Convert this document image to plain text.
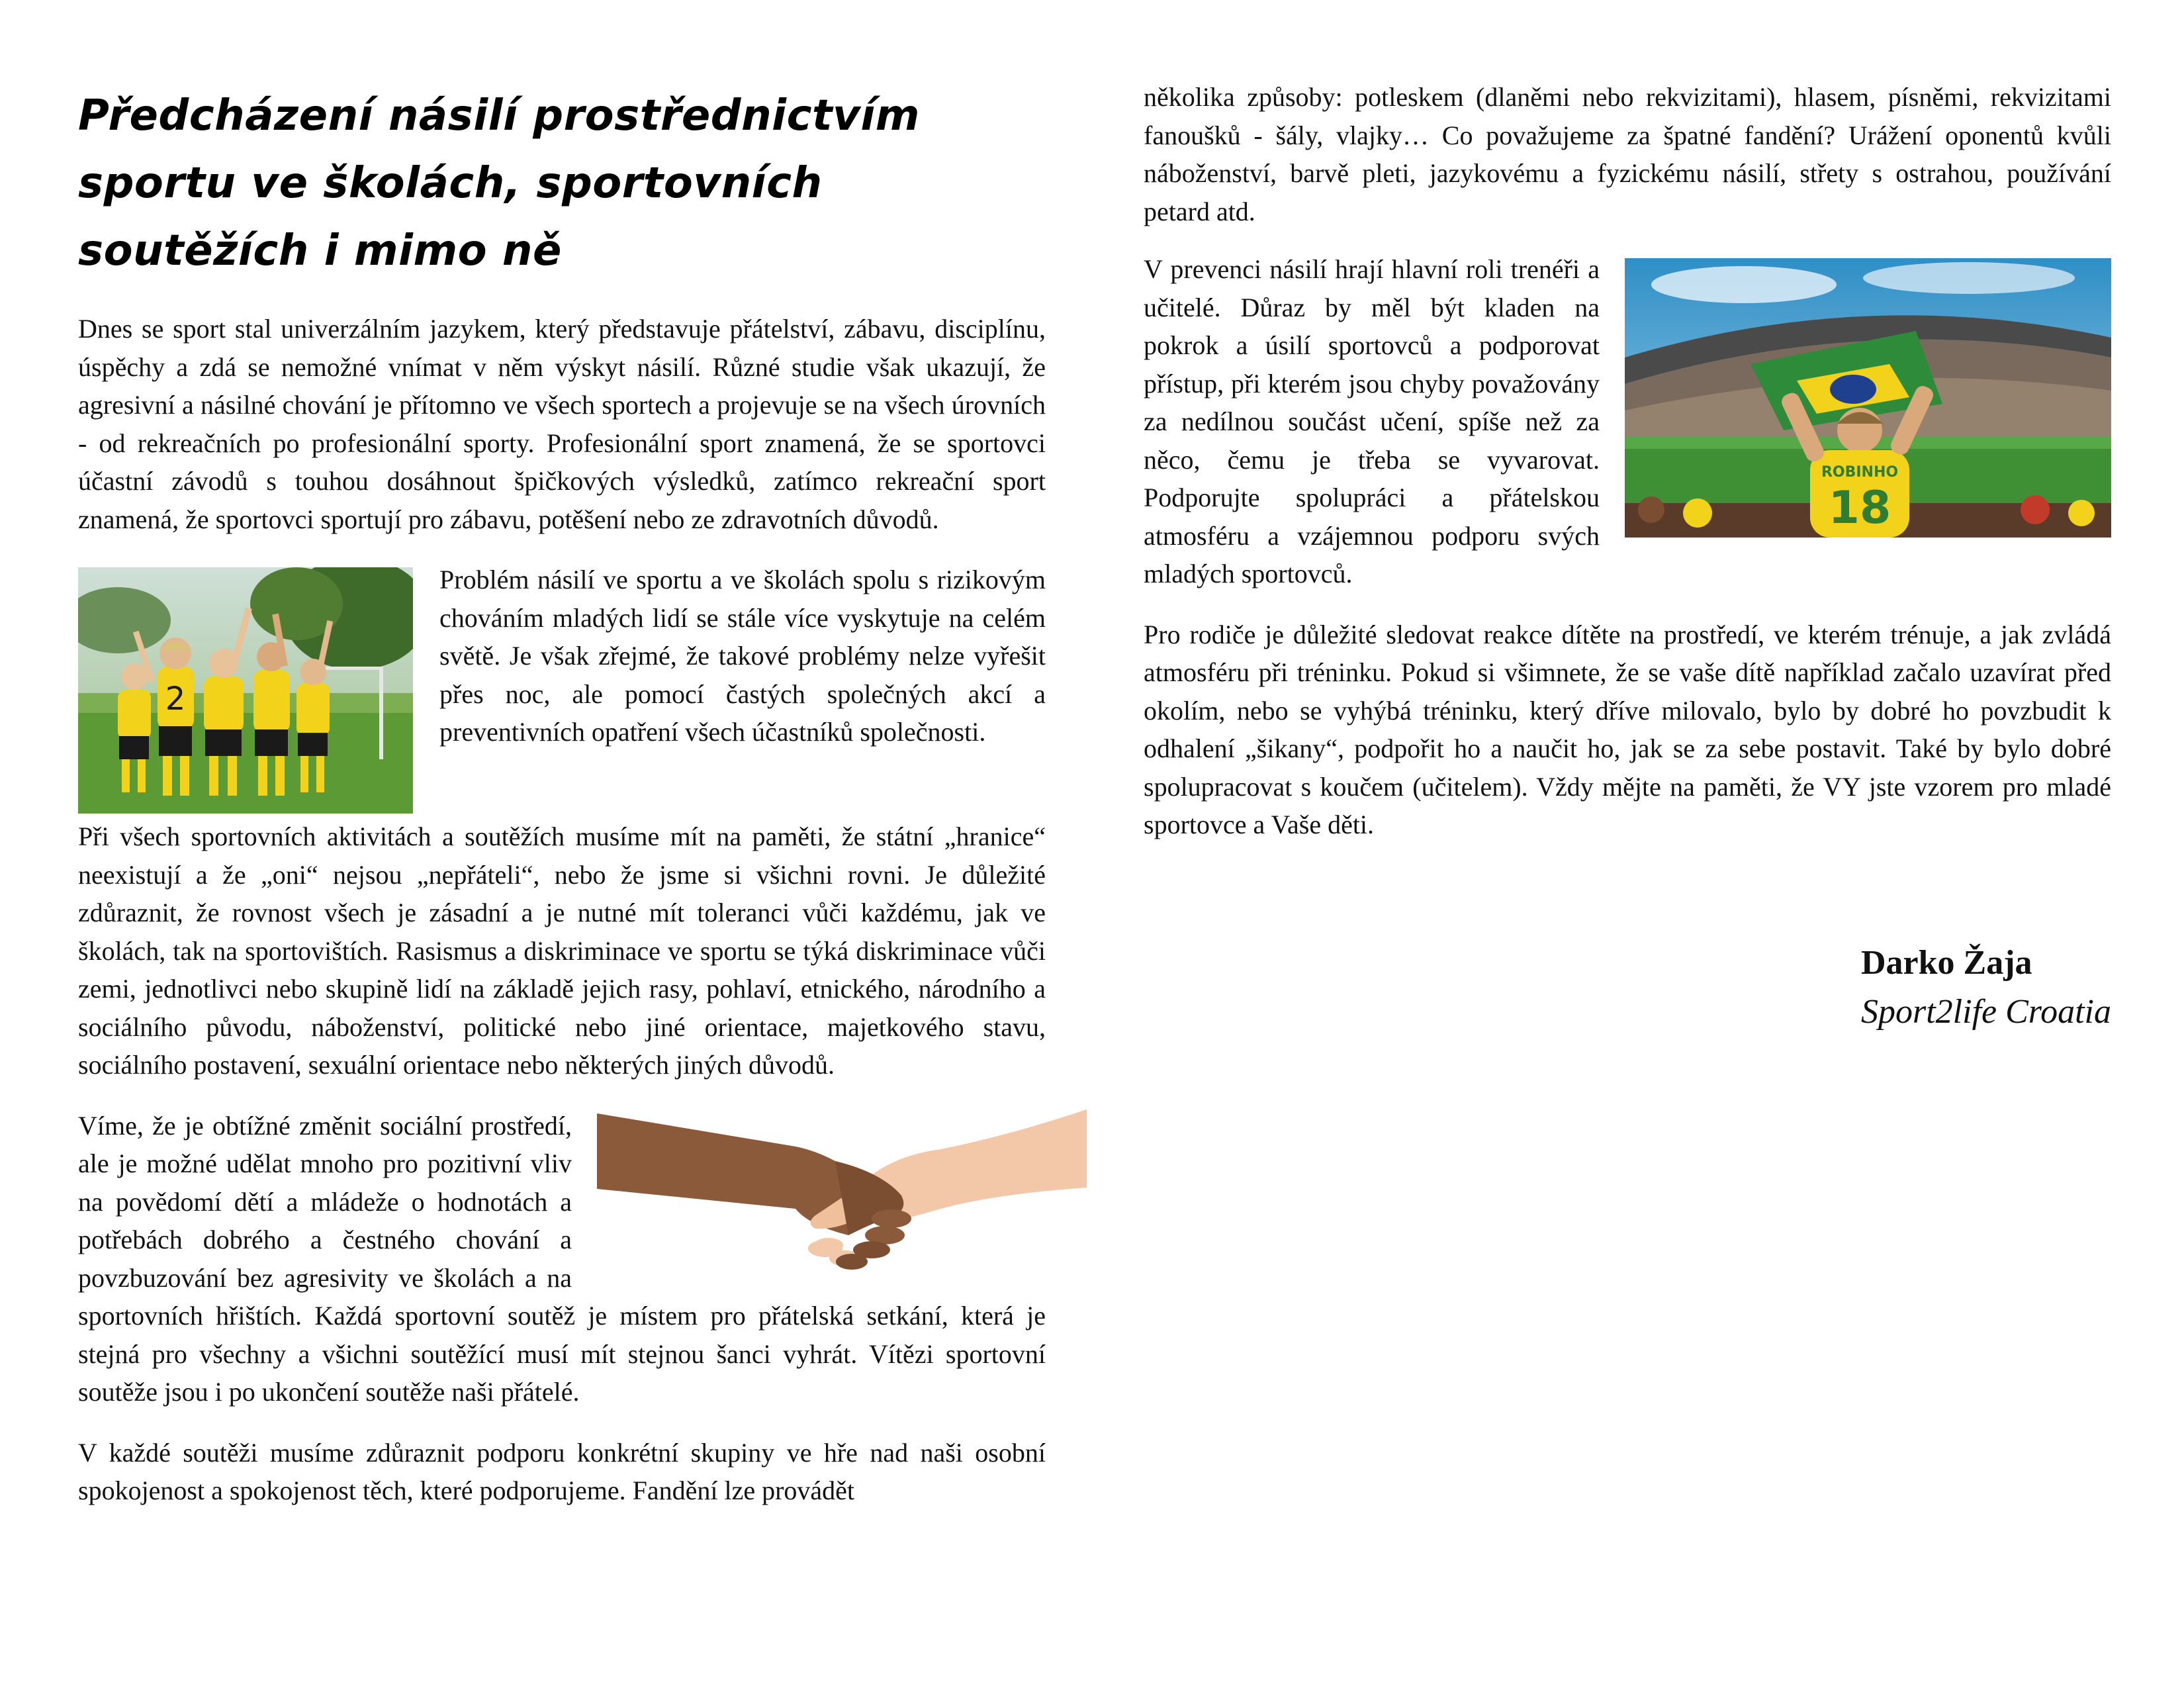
Předcházení násilí prostřednictvím sportu ve školách, sportovních soutěžích i mimo ně

Dnes se sport stal univerzálním jazykem, který představuje přátelství, zábavu, disciplínu, úspěchy a zdá se nemožné vnímat v něm výskyt násilí. Různé studie však ukazují, že agresivní a násilné chování je přítomno ve všech sportech a projevuje se na všech úrovních - od rekreačních po profesionální sporty. Profesionální sport znamená, že se sportovci účastní závodů s touhou dosáhnout špičkových výsledků, zatímco rekreační sport znamená, že sportovci sportují pro zábavu, potěšení nebo ze zdravotních důvodů.

2

Problém násilí ve sportu a ve školách spolu s rizikovým chováním mladých lidí se stále více vyskytuje na celém světě. Je však zřejmé, že takové problémy nelze vyřešit přes noc, ale pomocí častých společných akcí a preventivních opatření všech účastníků společnosti.

Při všech sportovních aktivitách a soutěžích musíme mít na paměti, že státní „hranice“ neexistují a že „oni“ nejsou „nepřáteli“, nebo že jsme si všichni rovni. Je důležité zdůraznit, že rovnost všech je zásadní a je nutné mít toleranci vůči každému, jak ve školách, tak na sportovištích. Rasismus a diskriminace ve sportu se týká diskriminace vůči zemi, jednotlivci nebo skupině lidí na základě jejich rasy, pohlaví, etnického, národního a sociálního původu, náboženství, politické nebo jiné orientace, majetkového stavu, sociálního postavení, sexuální orientace nebo některých jiných důvodů.

Víme, že je obtížné změnit sociální prostředí, ale je možné udělat mnoho pro pozitivní vliv na povědomí dětí a mládeže o hodnotách a potřebách dobrého a čestného chování a povzbuzování bez agresivity ve školách a na sportovních hřištích. Každá sportovní soutěž je místem pro přátelská setkání, která je stejná pro všechny a všichni soutěžící musí mít stejnou šanci vyhrát. Vítězi sportovní soutěže jsou i po ukončení soutěže naši přátelé.

V každé soutěži musíme zdůraznit podporu konkrétní skupiny ve hře nad naši osobní spokojenost a spokojenost těch, které podporujeme. Fandění lze provádět

několika způsoby: potleskem (dlaněmi nebo rekvizitami), hlasem, písněmi, rekvizitami fanoušků - šály, vlajky… Co považujeme za špatné fandění? Urážení oponentů kvůli náboženství, barvě pleti, jazykovému a fyzickému násilí, střety s ostrahou, používání petard atd.

ROBINHO
18

V prevenci násilí hrají hlavní roli trenéři a učitelé. Důraz by měl být kladen na pokrok a úsilí sportovců a podporovat přístup, při kterém jsou chyby považovány za nedílnou součást učení, spíše než za něco, čemu je třeba se vyvarovat. Podporujte spolupráci a přátelskou atmosféru a vzájemnou podporu svých mladých sportovců.

Pro rodiče je důležité sledovat reakce dítěte na prostředí, ve kterém trénuje, a jak zvládá atmosféru při tréninku. Pokud si všimnete, že se vaše dítě například začalo uzavírat před okolím, nebo se vyhýbá tréninku, který dříve milovalo, bylo by dobré ho povzbudit k odhalení „šikany“, podpořit ho a naučit ho, jak se za sebe postavit. Také by bylo dobré spolupracovat s koučem (učitelem). Vždy mějte na paměti, že VY jste vzorem pro mladé sportovce a Vaše děti.

Darko Žaja

Sport2life Croatia
